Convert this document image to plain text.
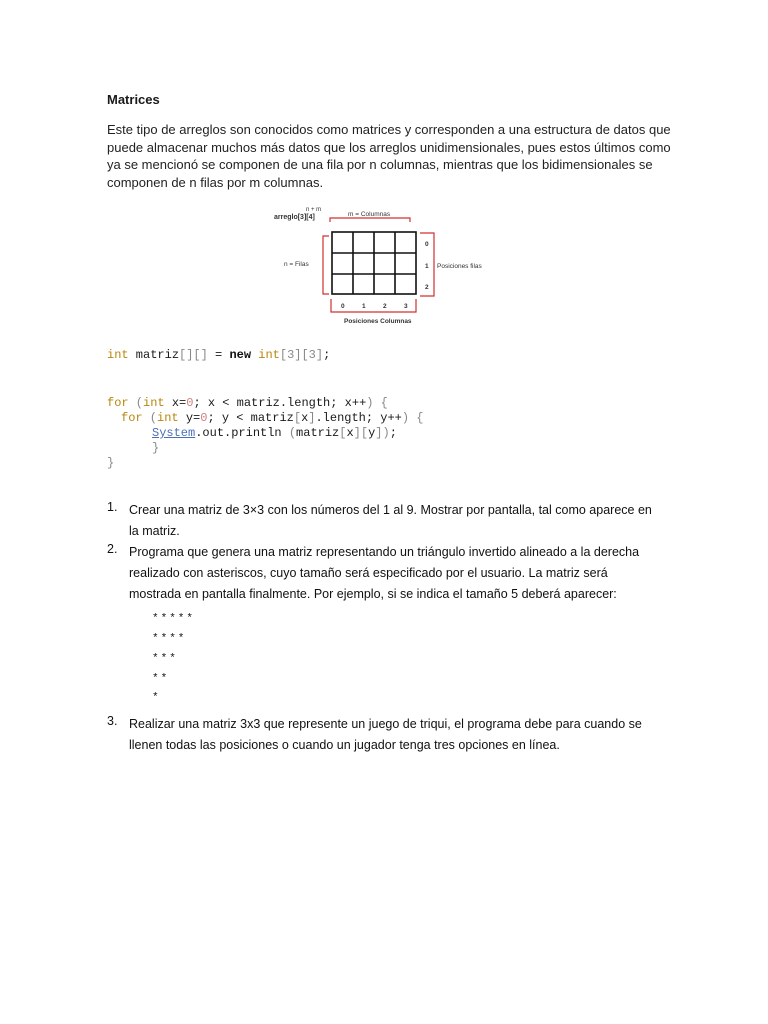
Matrices
Este tipo de arreglos son conocidos como matrices y corresponden a una estructura de datos que
puede almacenar muchos más datos que los arreglos unidimensionales, pues estos últimos como
ya se mencionó se componen de una fila por n columnas, mientras que los bidimensionales se
componen de n filas por m columnas.
n + m
arreglo[3][4]	m = Columnas
n = Filas
0
1
2
Posiciones filas
0	1	2	3
Posiciones Columnas
int matriz[][] = new int[3][3];
for (int x=0; x < matriz.length; x++) {
for (int y=0; y < matriz[x].length; y++) {
System.out.println (matriz[x][y]);
}
}
1. Crear una matriz de 3×3 con los números del 1 al 9. Mostrar por pantalla, tal como aparece en
la matriz.
2. Programa que genera una matriz representando un triángulo invertido alineado a la derecha
realizado con asteriscos, cuyo tamaño será especificado por el usuario. La matriz será
mostrada en pantalla finalmente. Por ejemplo, si se indica el tamaño 5 deberá aparecer:
3. Realizar una matriz 3x3 que represente un juego de triqui, el programa debe para cuando se
llenen todas las posiciones o cuando un jugador tenga tres opciones en línea.
*****
****
***
**
*
